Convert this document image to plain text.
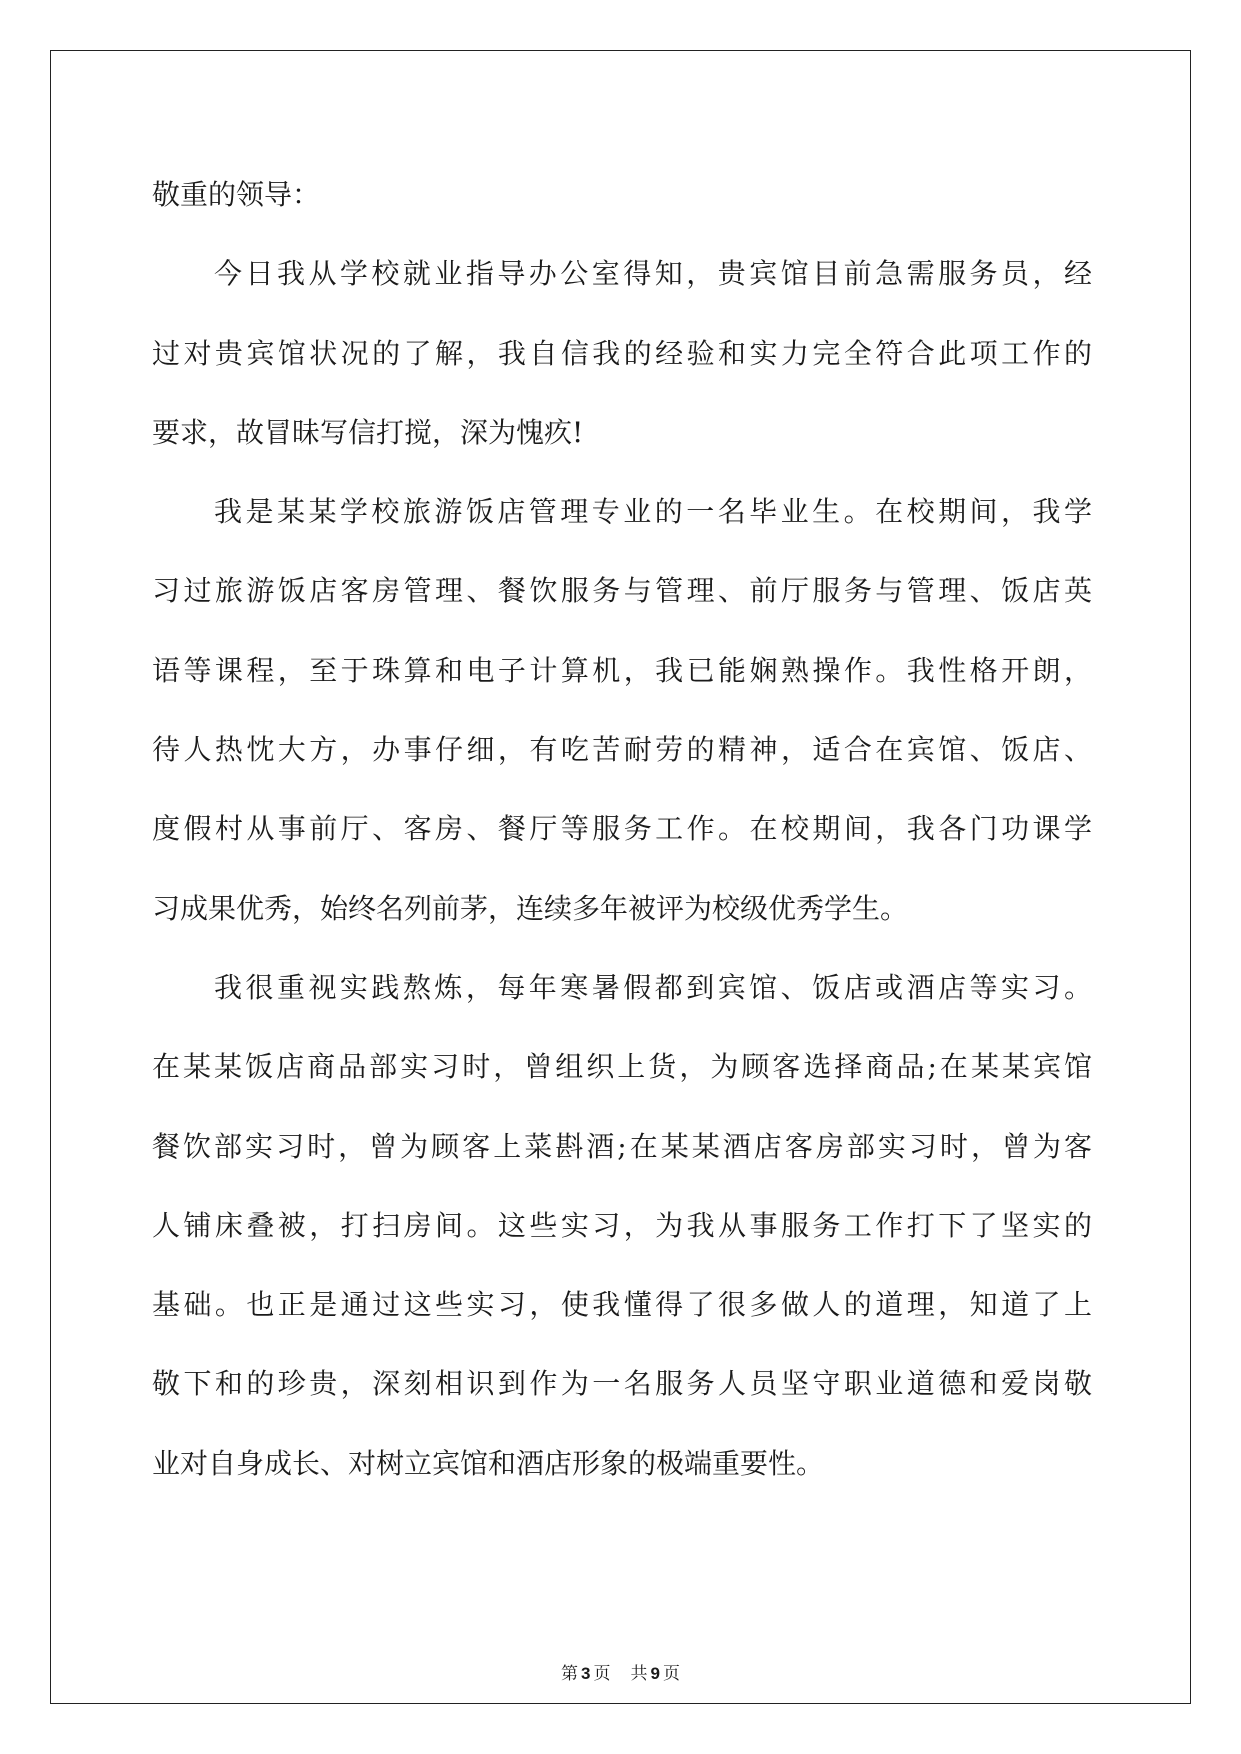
敬重的领导：
今日我从学校就业指导办公室得知，贵宾馆目前急需服务员，经
过对贵宾馆状况的了解，我自信我的经验和实力完全符合此项工作的
要求，故冒昧写信打搅，深为愧疚!
我是某某学校旅游饭店管理专业的一名毕业生。在校期间，我学
习过旅游饭店客房管理、餐饮服务与管理、前厅服务与管理、饭店英
语等课程，至于珠算和电子计算机，我已能娴熟操作。我性格开朗，
待人热忱大方，办事仔细，有吃苦耐劳的精神，适合在宾馆、饭店、
度假村从事前厅、客房、餐厅等服务工作。在校期间，我各门功课学
习成果优秀，始终名列前茅，连续多年被评为校级优秀学生。
我很重视实践熬炼，每年寒暑假都到宾馆、饭店或酒店等实习。
在某某饭店商品部实习时，曾组织上货，为顾客选择商品;在某某宾馆
餐饮部实习时，曾为顾客上菜斟酒;在某某酒店客房部实习时，曾为客
人铺床叠被，打扫房间。这些实习，为我从事服务工作打下了坚实的
基础。也正是通过这些实习，使我懂得了很多做人的道理，知道了上
敬下和的珍贵，深刻相识到作为一名服务人员坚守职业道德和爱岗敬
业对自身成长、对树立宾馆和酒店形象的极端重要性。
第 3 页 共 9 页
